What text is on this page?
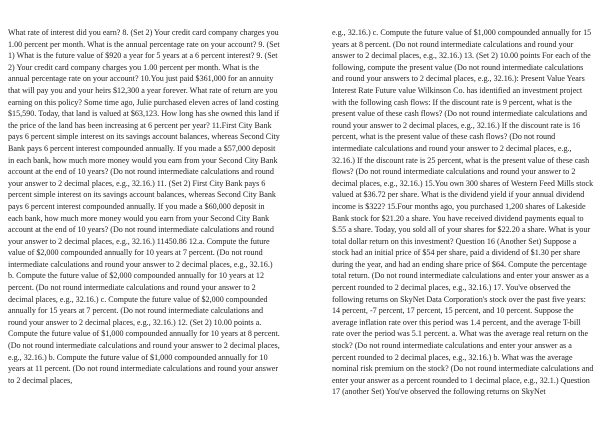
What rate of interest did you earn? 8. (Set 2) Your credit card company charges you 1.00 percent per month. What is the annual percentage rate on your account? 9. (Set 1) What is the future value of $920 a year for 5 years at a 6 percent interest? 9. (Set 2) Your credit card company charges you 1.00 percent per month. What is the annual percentage rate on your account? 10.You just paid $361,000 for an annuity that will pay you and your heirs $12,300 a year forever. What rate of return are you earning on this policy? Some time ago, Julie purchased eleven acres of land costing $15,590. Today, that land is valued at $63,123. How long has she owned this land if the price of the land has been increasing at 6 percent per year? 11.First City Bank pays 6 percent simple interest on its savings account balances, whereas Second City Bank pays 6 percent interest compounded annually. If you made a $57,000 deposit in each bank, how much more money would you earn from your Second City Bank account at the end of 10 years? (Do not round intermediate calculations and round your answer to 2 decimal places, e.g., 32.16.) 11. (Set 2) First City Bank pays 6 percent simple interest on its savings account balances, whereas Second City Bank pays 6 percent interest compounded annually. If you made a $60,000 deposit in each bank, how much more money would you earn from your Second City Bank account at the end of 10 years? (Do not round intermediate calculations and round your answer to 2 decimal places, e.g., 32.16.) 11450.86 12.a. Compute the future value of $2,000 compounded annually for 10 years at 7 percent. (Do not round intermediate calculations and round your answer to 2 decimal places, e.g., 32.16.) b. Compute the future value of $2,000 compounded annually for 10 years at 12 percent. (Do not round intermediate calculations and round your answer to 2 decimal places, e.g., 32.16.) c. Compute the future value of $2,000 compounded annually for 15 years at 7 percent. (Do not round intermediate calculations and round your answer to 2 decimal places, e.g., 32.16.) 12. (Set 2) 10.00 points a. Compute the future value of $1,000 compounded annually for 10 years at 8 percent. (Do not round intermediate calculations and round your answer to 2 decimal places, e.g., 32.16.) b. Compute the future value of $1,000 compounded annually for 10 years at 11 percent. (Do not round intermediate calculations and round your answer to 2 decimal places,

e.g., 32.16.) c. Compute the future value of $1,000 compounded annually for 15 years at 8 percent. (Do not round intermediate calculations and round your answer to 2 decimal places, e.g., 32.16.) 13. (Set 2) 10.00 points For each of the following, compute the present value (Do not round intermediate calculations and round your answers to 2 decimal places, e.g., 32.16.): Present Value Years Interest Rate Future value Wilkinson Co. has identified an investment project with the following cash flows: If the discount rate is 9 percent, what is the present value of these cash flows? (Do not round intermediate calculations and round your answer to 2 decimal places, e.g., 32.16.) If the discount rate is 16 percent, what is the present value of these cash flows? (Do not round intermediate calculations and round your answer to 2 decimal places, e.g., 32.16.) If the discount rate is 25 percent, what is the present value of these cash flows? (Do not round intermediate calculations and round your answer to 2 decimal places, e.g., 32.16.) 15.You own 300 shares of Western Feed Mills stock valued at $36.72 per share. What is the dividend yield if your annual dividend income is $322? 15.Four months ago, you purchased 1,200 shares of Lakeside Bank stock for $21.20 a share. You have received dividend payments equal to $.55 a share. Today, you sold all of your shares for $22.20 a share. What is your total dollar return on this investment? Question 16 (Another Set) Suppose a stock had an initial price of $54 per share, paid a dividend of $1.30 per share during the year, and had an ending share price of $64. Compute the percentage total return. (Do not round intermediate calculations and enter your answer as a percent rounded to 2 decimal places, e.g., 32.16.) 17. You've observed the following returns on SkyNet Data Corporation's stock over the past five years: 14 percent, -7 percent, 17 percent, 15 percent, and 10 percent. Suppose the average inflation rate over this period was 1.4 percent, and the average T-bill rate over the period was 5.1 percent. a. What was the average real return on the stock? (Do not round intermediate calculations and enter your answer as a percent rounded to 2 decimal places, e.g., 32.16.) b. What was the average nominal risk premium on the stock? (Do not round intermediate calculations and enter your answer as a percent rounded to 1 decimal place, e.g., 32.1.) Question 17 (another Set) You've observed the following returns on SkyNet
